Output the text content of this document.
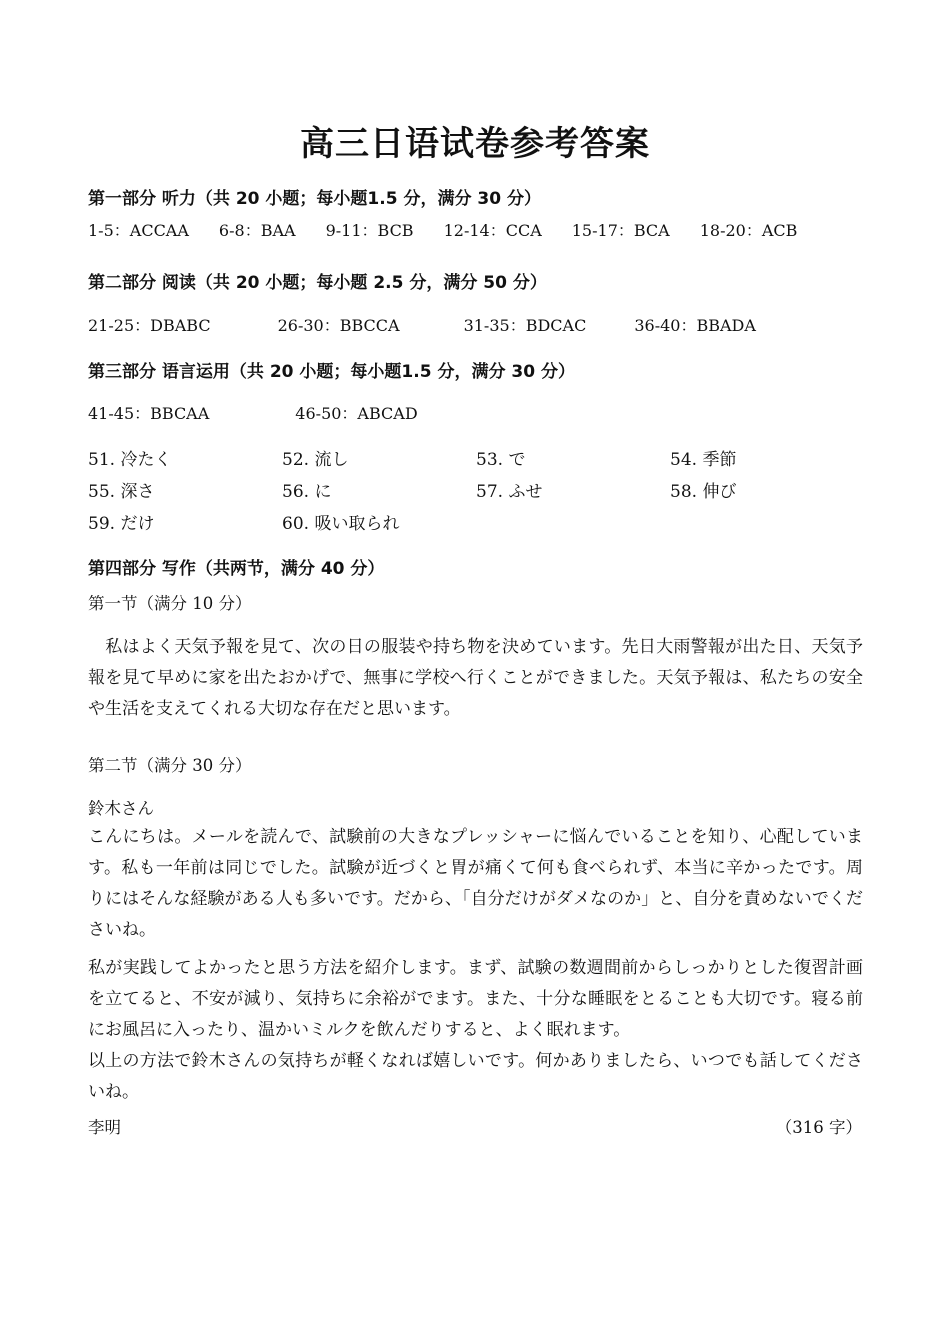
高三日语试卷参考答案
第一部分 听力（共 20 小题；每小题1.5 分，满分 30 分）
1-5：ACCAA 6-8：BAA 9-11：BCB 12-14：CCA 15-17：BCA 18-20：ACB
第二部分 阅读（共 20 小题；每小题 2.5 分，满分 50 分）
21-25：DBABC	26-30：BBCCA	31-35：BDCAC	36-40：BBADA
第三部分 语言运用（共 20 小题；每小题1.5 分，满分 30 分）
41-45：BBCAA	46-50：ABCAD
51. 冷たく	52. 流し	53. で	54. 季節
55. 深さ	56. に	57. ふせ	58. 伸び
59. だけ	60. 吸い取られ
第四部分 写作（共两节，满分 40 分）
第一节（满分 10 分）
　私はよく天気予報を見て、次の日の服装や持ち物を決めています。先日大雨警報が出た日、天気予報を見て早めに家を出たおかげで、無事に学校へ行くことができました。天気予報は、私たちの安全や生活を支えてくれる大切な存在だと思います。
第二节（满分 30 分）
鈴木さん
こんにちは。メールを読んで、試験前の大きなプレッシャーに悩んでいることを知り、心配しています。私も一年前は同じでした。試験が近づくと胃が痛くて何も食べられず、本当に辛かったです。周りにはそんな経験がある人も多いです。だから、「自分だけがダメなのか」と、自分を責めないでくださいね。
私が実践してよかったと思う方法を紹介します。まず、試験の数週間前からしっかりとした復習計画を立てると、不安が減り、気持ちに余裕がでます。また、十分な睡眠をとることも大切です。寝る前にお風呂に入ったり、温かいミルクを飲んだりすると、よく眠れます。
以上の方法で鈴木さんの気持ちが軽くなれば嬉しいです。何かありましたら、いつでも話してくださいね。
李明	（316 字）
